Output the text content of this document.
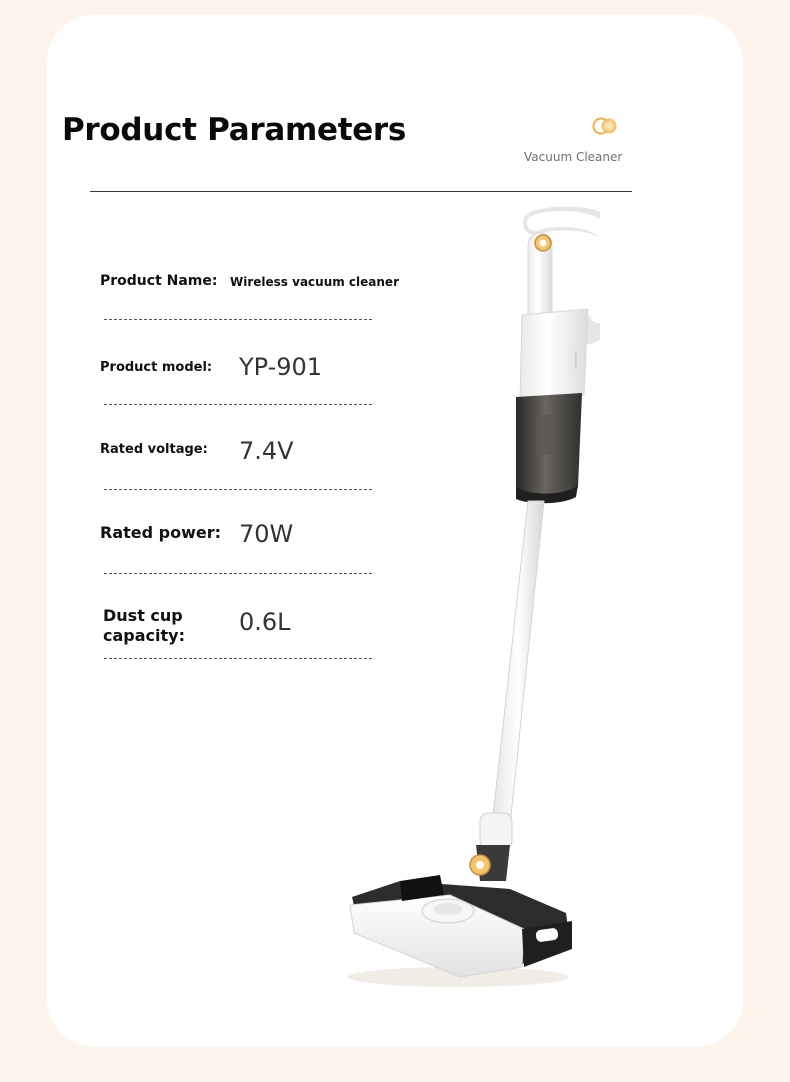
Product Parameters
Vacuum Cleaner
Product Name: Wireless vacuum cleaner
Product model: YP-901
Rated voltage: 7.4V
Rated power: 70W
Dust cup capacity:	0.6L
